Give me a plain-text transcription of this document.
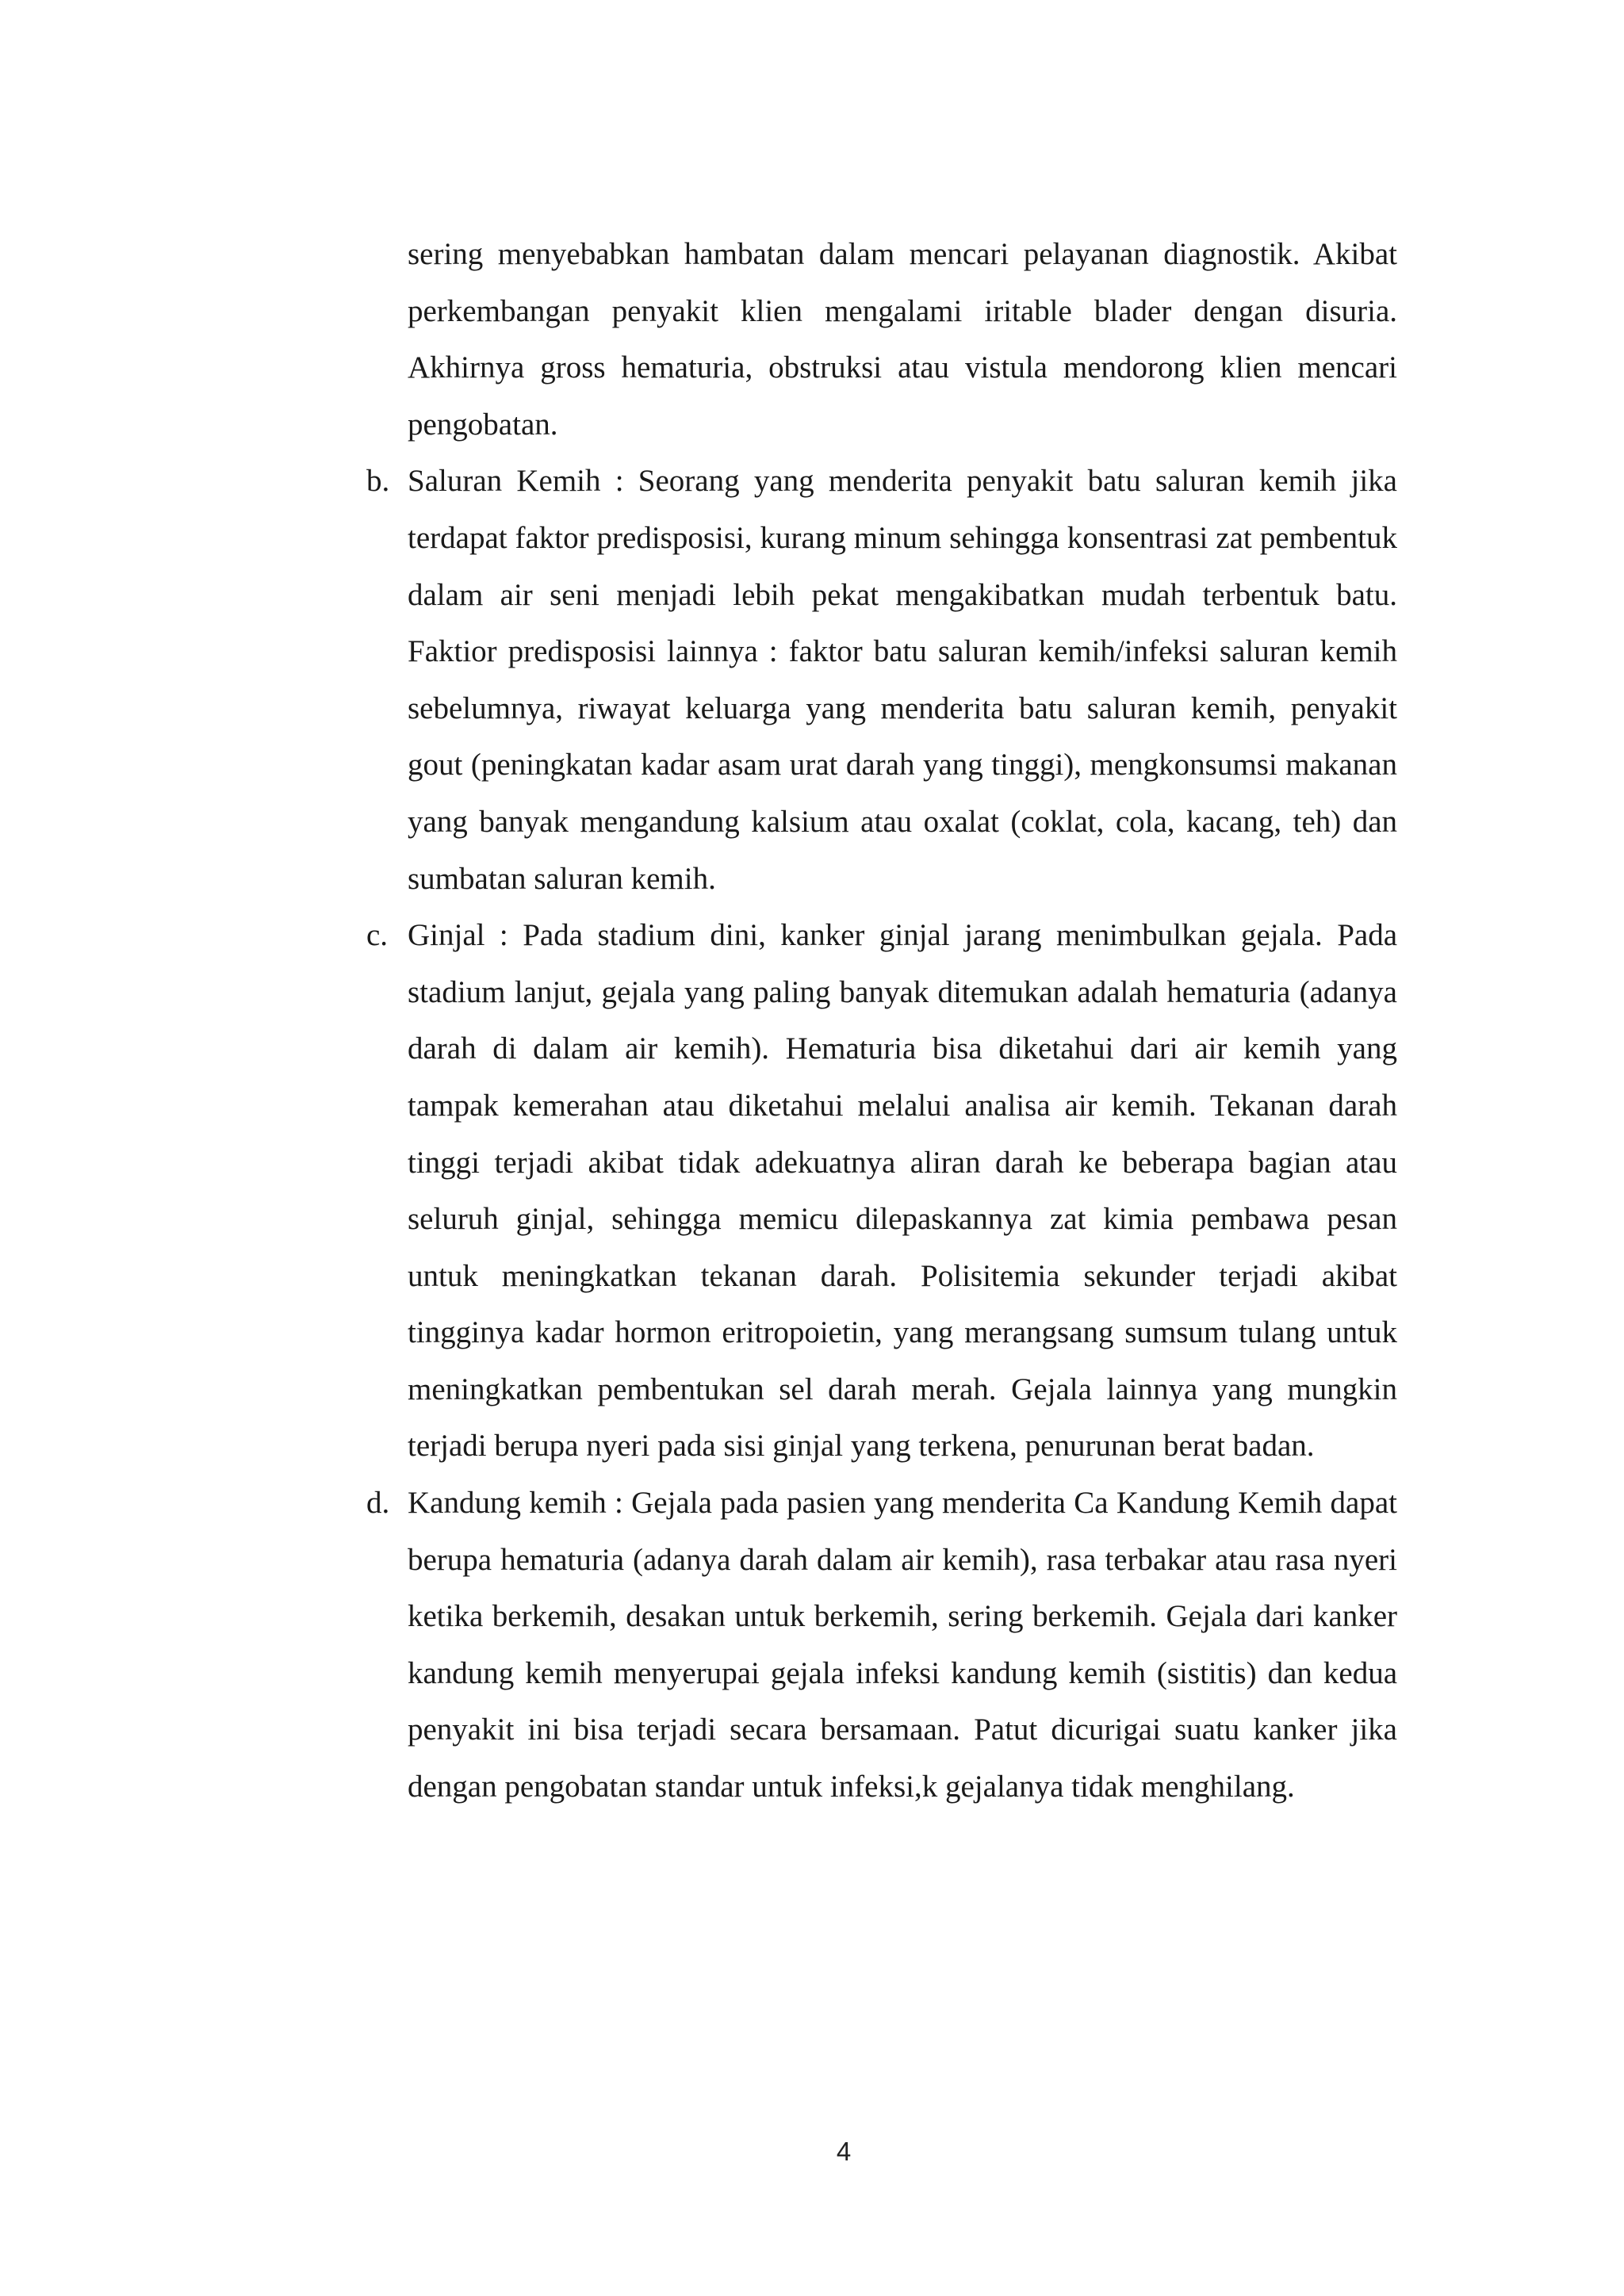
sering menyebabkan hambatan dalam mencari pelayanan diagnostik. Akibat perkembangan penyakit klien mengalami iritable blader dengan disuria. Akhirnya gross hematuria, obstruksi atau vistula mendorong klien mencari pengobatan.

b. Saluran Kemih : Seorang yang menderita penyakit batu saluran kemih jika terdapat faktor predisposisi, kurang minum sehingga konsentrasi zat pembentuk dalam air seni menjadi lebih pekat mengakibatkan mudah terbentuk batu. Faktior predisposisi lainnya : faktor batu saluran kemih/infeksi saluran kemih sebelumnya, riwayat keluarga yang menderita batu saluran kemih, penyakit gout (peningkatan kadar asam urat darah yang tinggi), mengkonsumsi makanan yang banyak mengandung kalsium atau oxalat (coklat, cola, kacang, teh) dan sumbatan saluran kemih.
c. Ginjal : Pada stadium dini, kanker ginjal jarang menimbulkan gejala. Pada stadium lanjut, gejala yang paling banyak ditemukan adalah hematuria (adanya darah di dalam air kemih). Hematuria bisa diketahui dari air kemih yang tampak kemerahan atau diketahui melalui analisa air kemih. Tekanan darah tinggi terjadi akibat tidak adekuatnya aliran darah ke beberapa bagian atau seluruh ginjal, sehingga memicu dilepaskannya zat kimia pembawa pesan untuk meningkatkan tekanan darah. Polisitemia sekunder terjadi akibat tingginya kadar hormon eritropoietin, yang merangsang sumsum tulang untuk meningkatkan pembentukan sel darah merah. Gejala lainnya yang mungkin terjadi berupa nyeri pada sisi ginjal yang terkena, penurunan berat badan.
d. Kandung kemih : Gejala pada pasien yang menderita Ca Kandung Kemih dapat berupa hematuria (adanya darah dalam air kemih), rasa terbakar atau rasa nyeri ketika berkemih, desakan untuk berkemih, sering berkemih. Gejala dari kanker kandung kemih menyerupai gejala infeksi kandung kemih (sistitis) dan kedua penyakit ini bisa terjadi secara bersamaan. Patut dicurigai suatu kanker jika dengan pengobatan standar untuk infeksi,k gejalanya tidak menghilang.
4
